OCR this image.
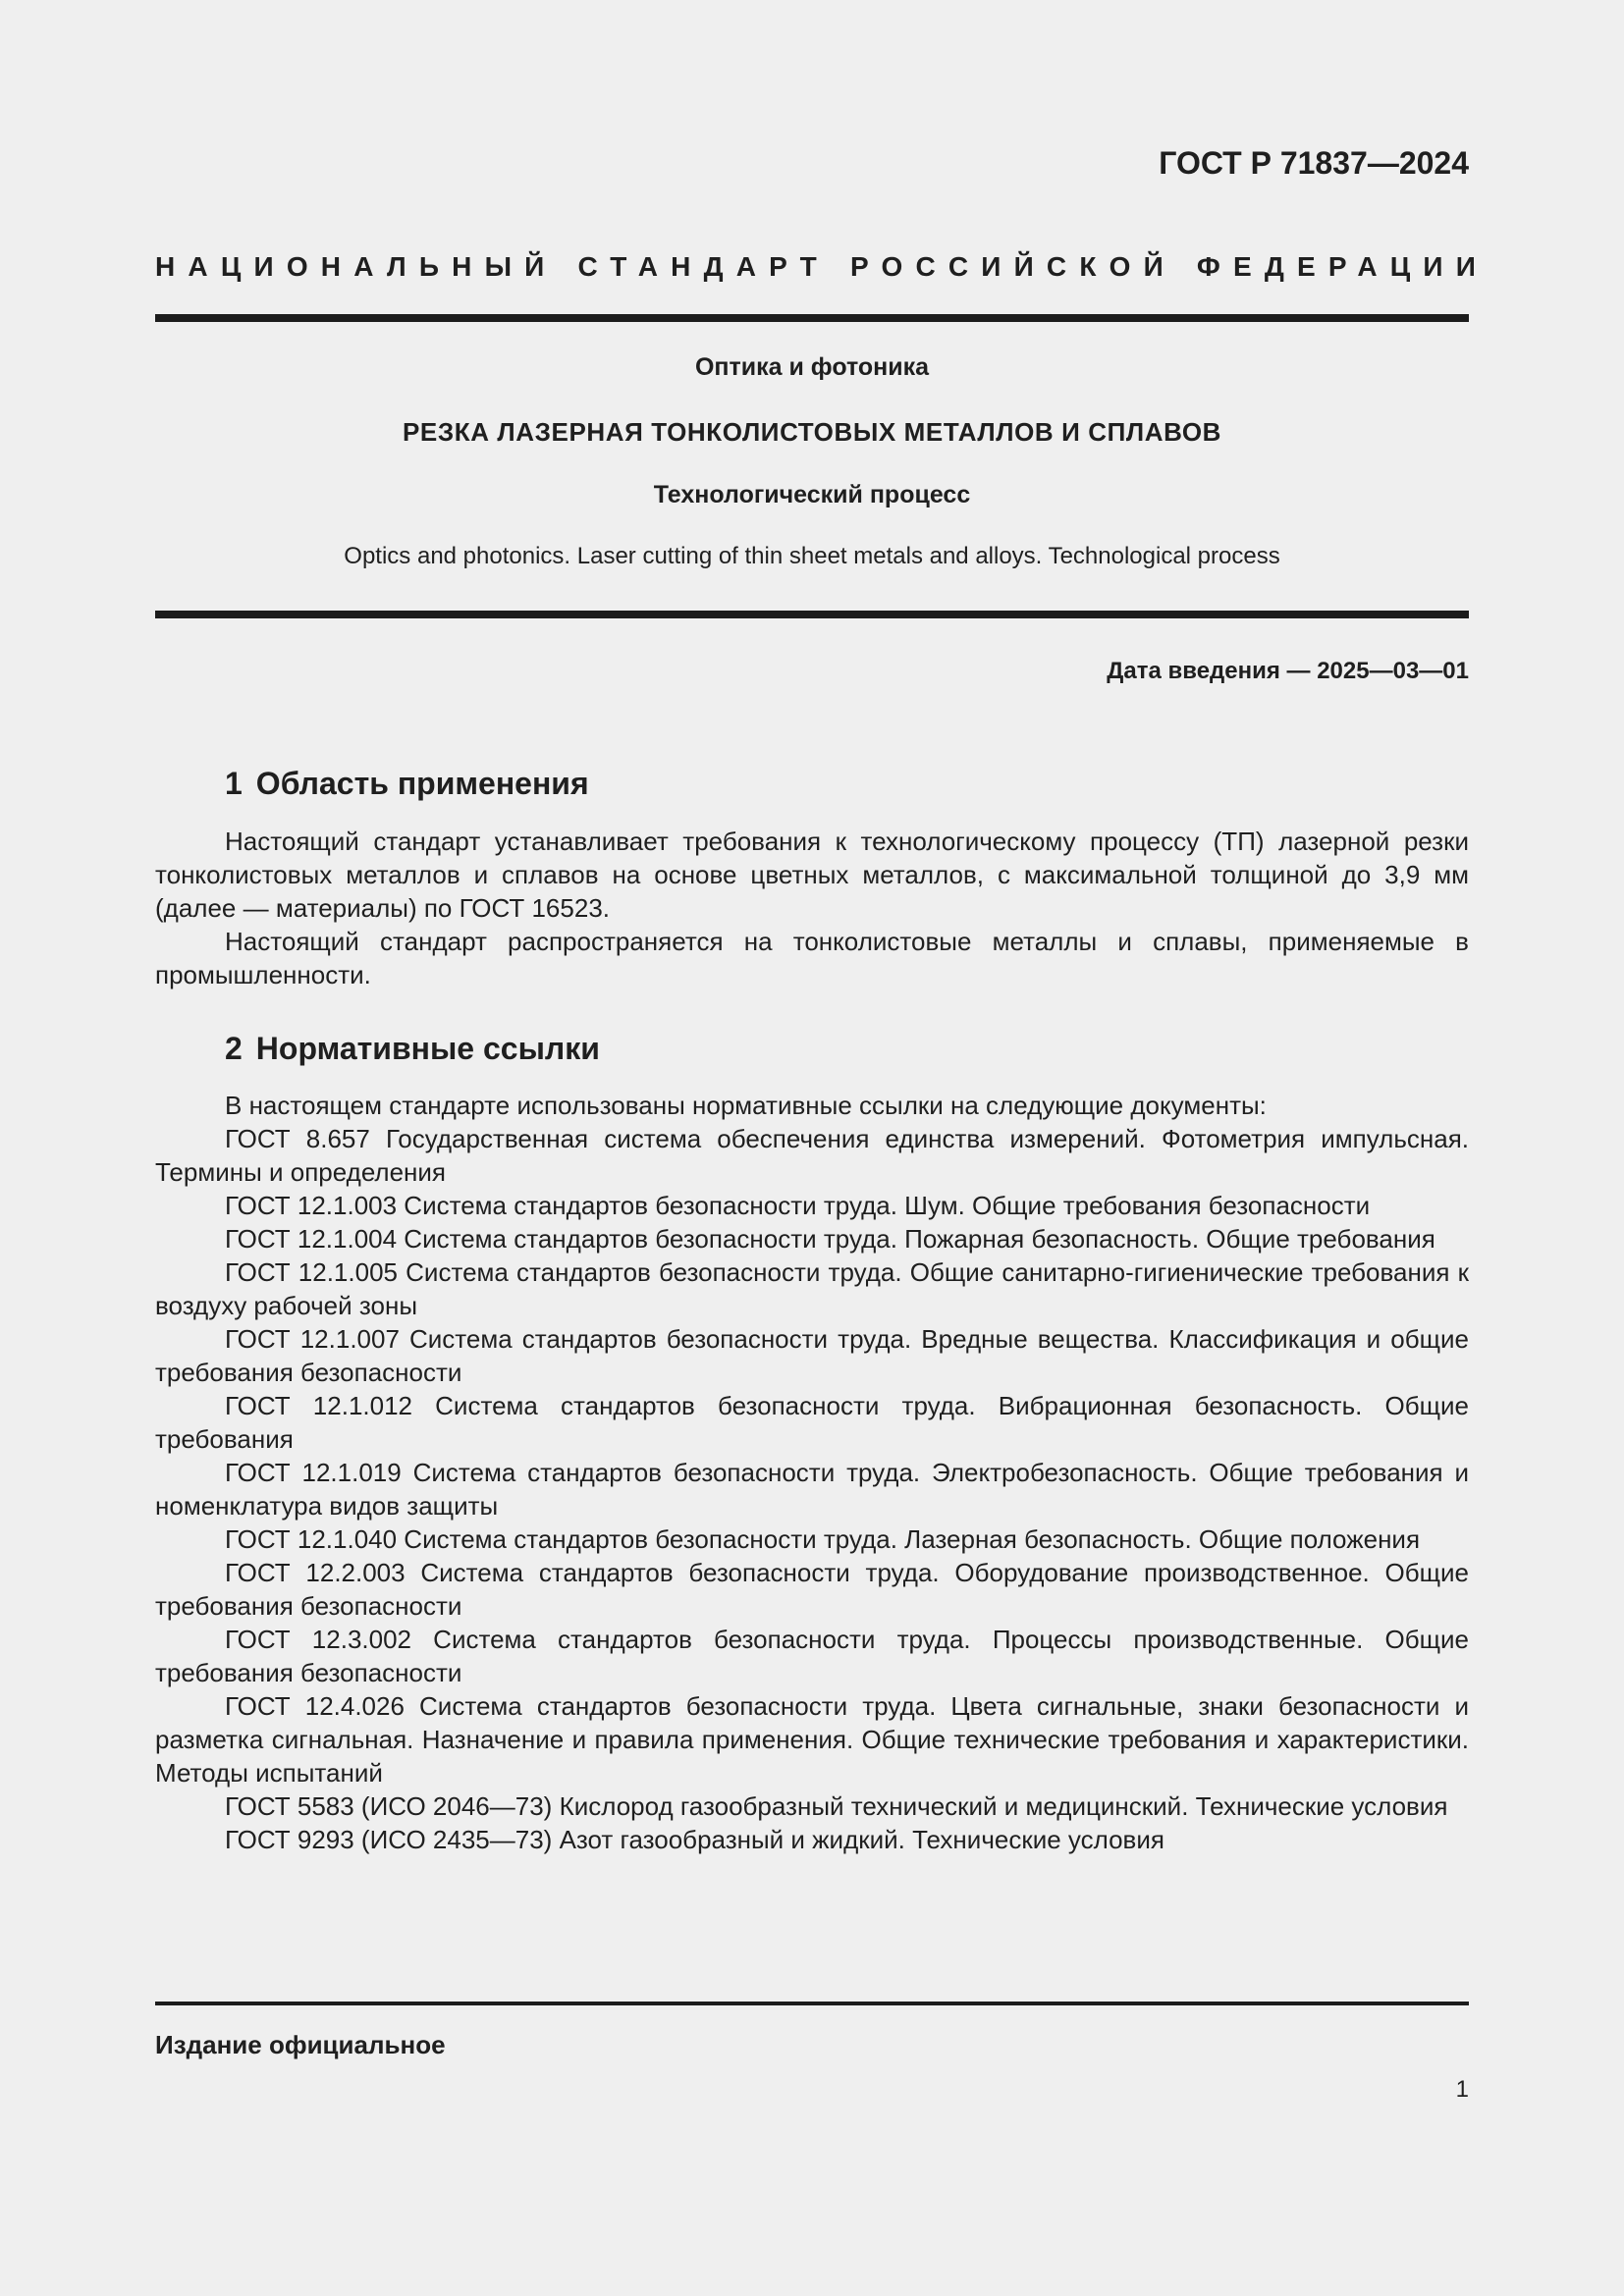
ГОСТ Р 71837—2024
НАЦИОНАЛЬНЫЙ СТАНДАРТ РОССИЙСКОЙ ФЕДЕРАЦИИ
Оптика и фотоника
РЕЗКА ЛАЗЕРНАЯ ТОНКОЛИСТОВЫХ МЕТАЛЛОВ И СПЛАВОВ
Технологический процесс
Optics and photonics. Laser cutting of thin sheet metals and alloys. Technological process
Дата введения — 2025—03—01
1 Область применения

Настоящий стандарт устанавливает требования к технологическому процессу (ТП) лазерной резки тонколистовых металлов и сплавов на основе цветных металлов, с максимальной толщиной до 3,9 мм (далее — материалы) по ГОСТ 16523.

Настоящий стандарт распространяется на тонколистовые металлы и сплавы, применяемые в промышленности.

2 Нормативные ссылки

В настоящем стандарте использованы нормативные ссылки на следующие документы:

ГОСТ 8.657 Государственная система обеспечения единства измерений. Фотометрия импульсная. Термины и определения
ГОСТ 12.1.003 Система стандартов безопасности труда. Шум. Общие требования безопасности
ГОСТ 12.1.004 Система стандартов безопасности труда. Пожарная безопасность. Общие требования
ГОСТ 12.1.005 Система стандартов безопасности труда. Общие санитарно-гигиенические требования к воздуху рабочей зоны
ГОСТ 12.1.007 Система стандартов безопасности труда. Вредные вещества. Классификация и общие требования безопасности
ГОСТ 12.1.012 Система стандартов безопасности труда. Вибрационная безопасность. Общие требования
ГОСТ 12.1.019 Система стандартов безопасности труда. Электробезопасность. Общие требования и номенклатура видов защиты
ГОСТ 12.1.040 Система стандартов безопасности труда. Лазерная безопасность. Общие положения
ГОСТ 12.2.003 Система стандартов безопасности труда. Оборудование производственное. Общие требования безопасности
ГОСТ 12.3.002 Система стандартов безопасности труда. Процессы производственные. Общие требования безопасности
ГОСТ 12.4.026 Система стандартов безопасности труда. Цвета сигнальные, знаки безопасности и разметка сигнальная. Назначение и правила применения. Общие технические требования и характеристики. Методы испытаний
ГОСТ 5583 (ИСО 2046—73) Кислород газообразный технический и медицинский. Технические условия
ГОСТ 9293 (ИСО 2435—73) Азот газообразный и жидкий. Технические условия
Издание официальное
1
